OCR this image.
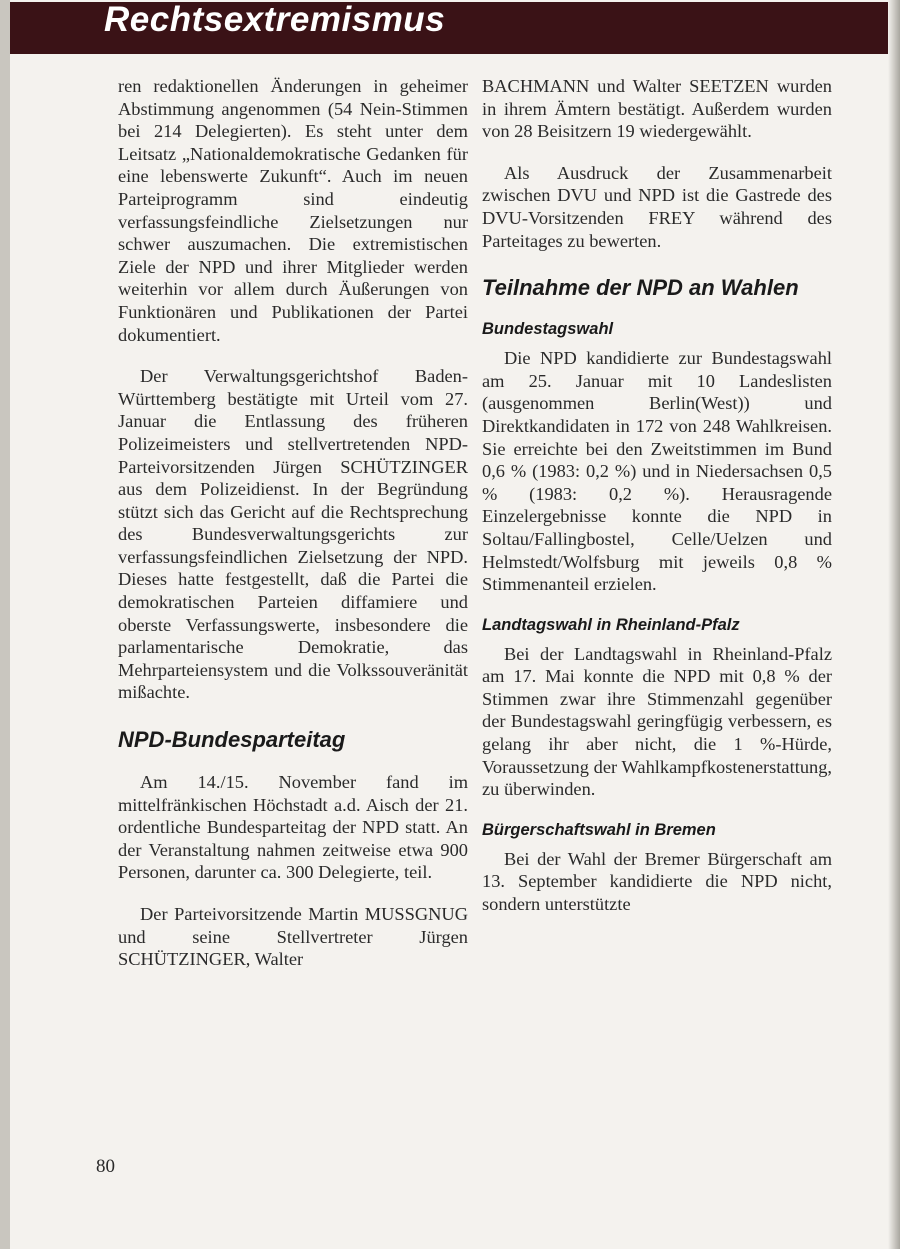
Rechtsextremismus

ren redaktionellen Änderungen in geheimer Abstimmung angenommen (54 Nein-Stimmen bei 214 Delegierten). Es steht unter dem Leitsatz „Nationaldemokratische Gedanken für eine lebenswerte Zukunft“. Auch im neuen Parteiprogramm sind eindeutig verfassungsfeindliche Zielsetzungen nur schwer auszumachen. Die extremistischen Ziele der NPD und ihrer Mitglieder werden weiterhin vor allem durch Äußerungen von Funktionären und Publikationen der Partei dokumentiert.

Der Verwaltungsgerichtshof Baden-Württemberg bestätigte mit Urteil vom 27. Januar die Entlassung des früheren Polizeimeisters und stellvertretenden NPD-Parteivorsitzenden Jürgen SCHÜTZINGER aus dem Polizeidienst. In der Begründung stützt sich das Gericht auf die Rechtsprechung des Bundesverwaltungsgerichts zur verfassungsfeindlichen Zielsetzung der NPD. Dieses hatte festgestellt, daß die Partei die demokratischen Parteien diffamiere und oberste Verfassungswerte, insbesondere die parlamentarische Demokratie, das Mehrparteiensystem und die Volkssouveränität mißachte.

NPD-Bundesparteitag

Am 14./15. November fand im mittelfränkischen Höchstadt a.d. Aisch der 21. ordentliche Bundesparteitag der NPD statt. An der Veranstaltung nahmen zeitweise etwa 900 Personen, darunter ca. 300 Delegierte, teil.

Der Parteivorsitzende Martin MUSSGNUG und seine Stellvertreter Jürgen SCHÜTZINGER, Walter

BACHMANN und Walter SEETZEN wurden in ihrem Ämtern bestätigt. Außerdem wurden von 28 Beisitzern 19 wiedergewählt.

Als Ausdruck der Zusammenarbeit zwischen DVU und NPD ist die Gastrede des DVU-Vorsitzenden FREY während des Parteitages zu bewerten.

Teilnahme der NPD an Wahlen
Bundestagswahl

Die NPD kandidierte zur Bundestagswahl am 25. Januar mit 10 Landeslisten (ausgenommen Berlin(West)) und Direktkandidaten in 172 von 248 Wahlkreisen. Sie erreichte bei den Zweitstimmen im Bund 0,6 % (1983: 0,2 %) und in Niedersachsen 0,5 % (1983: 0,2 %). Herausragende Einzelergebnisse konnte die NPD in Soltau/Fallingbostel, Celle/Uelzen und Helmstedt/Wolfsburg mit jeweils 0,8 % Stimmenanteil erzielen.

Landtagswahl in Rheinland-Pfalz

Bei der Landtagswahl in Rheinland-Pfalz am 17. Mai konnte die NPD mit 0,8 % der Stimmen zwar ihre Stimmenzahl gegenüber der Bundestagswahl geringfügig verbessern, es gelang ihr aber nicht, die 1 %-Hürde, Voraussetzung der Wahlkampfkostenerstattung, zu überwinden.

Bürgerschaftswahl in Bremen

Bei der Wahl der Bremer Bürgerschaft am 13. September kandidierte die NPD nicht, sondern unterstützte

80
